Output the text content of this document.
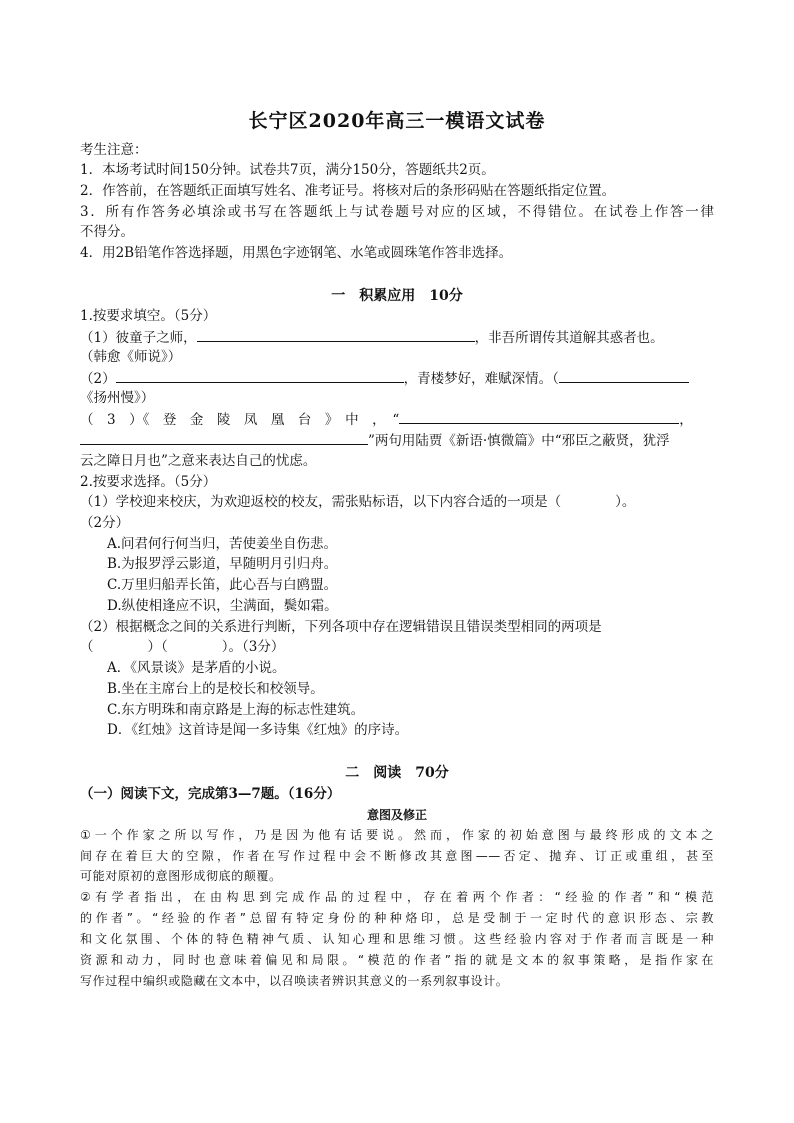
长宁区2020年高三一模语文试卷
考生注意：
1．本场考试时间150分钟。试卷共7页，满分150分，答题纸共2页。
2．作答前，在答题纸正面填写姓名、准考证号。将核对后的条形码贴在答题纸指定位置。
3．所有作答务必填涂或书写在答题纸上与试卷题号对应的区域，不得错位。在试卷上作答一律
不得分。
4．用2B铅笔作答选择题，用黑色字迹钢笔、水笔或圆珠笔作答非选择。
一　积累应用　10分
1.按要求填空。（5分）
（1）彼童子之师，	，非吾所谓传其道解其惑者也。
（韩愈《师说》）
（2）	，青楼梦好，难赋深情。（
《扬州慢》）
（　3　）《　登　金　陵　凤　凰　台　》　中　，　“	，
”两句用陆贾《新语·慎微篇》中“邪臣之蔽贤，犹浮
云之障日月也”之意来表达自己的忧虑。
2.按要求选择。（5分）
（1）学校迎来校庆，为欢迎返校的校友，需张贴标语，以下内容合适的一项是（　　　　）。
（2分）
A.问君何行何当归，苦使姜坐自伤悲。
B.为报罗浮云影道，早随明月引归舟。
C.万里归船弄长笛，此心吾与白鸥盟。
D.纵使相逢应不识，尘满面，鬓如霜。
（2）根据概念之间的关系进行判断，下列各项中存在逻辑错误且错误类型相同的两项是
（　　　　）（　　　　）。（3分）
A．《风景谈》是茅盾的小说。
B.坐在主席台上的是校长和校领导。
C.东方明珠和南京路是上海的标志性建筑。
D．《红烛》这首诗是闻一多诗集《红烛》的序诗。
二　阅读　70分
（一）阅读下文，完成第3—7题。（16分）
意图及修正
①一个作家之所以写作，乃是因为他有话要说。然而，作家的初始意图与最终形成的文本之
间存在着巨大的空隙，作者在写作过程中会不断修改其意图——否定、抛弃、订正或重组，甚至
可能对原初的意图形成彻底的颠覆。
②有学者指出，在由构思到完成作品的过程中，存在着两个作者：“经验的作者”和“模范
的作者”。“经验的作者”总留有特定身份的种种烙印，总是受制于一定时代的意识形态、宗教
和文化氛围、个体的特色精神气质、认知心理和思维习惯。这些经验内容对于作者而言既是一种
资源和动力，同时也意味着偏见和局限。“模范的作者”指的就是文本的叙事策略，是指作家在
写作过程中编织或隐藏在文本中，以召唤读者辨识其意义的一系列叙事设计。
